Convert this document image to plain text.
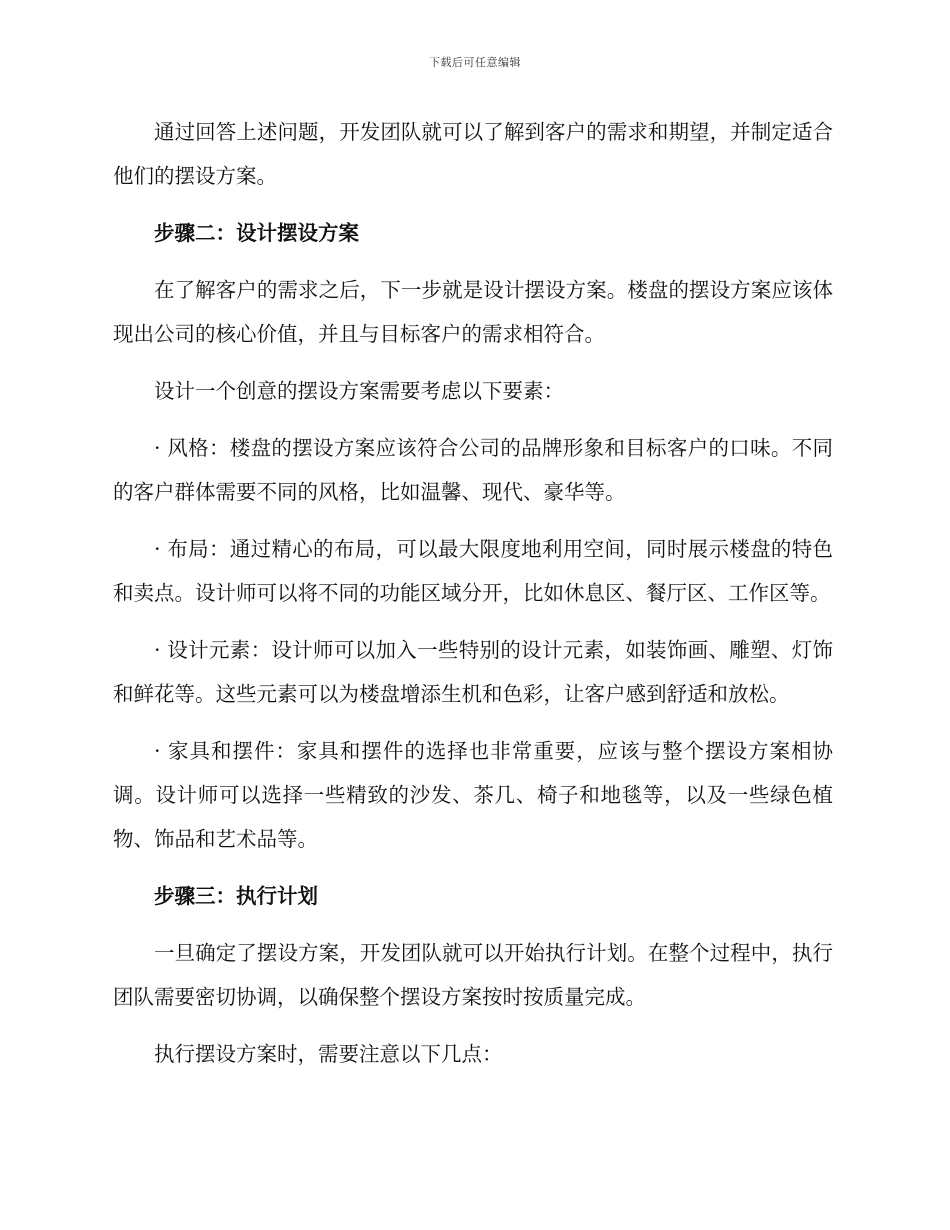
下载后可任意编辑

通过回答上述问题，开发团队就可以了解到客户的需求和期望，并制定适合他们的摆设方案。

步骤二：设计摆设方案

在了解客户的需求之后，下一步就是设计摆设方案。楼盘的摆设方案应该体现出公司的核心价值，并且与目标客户的需求相符合。

设计一个创意的摆设方案需要考虑以下要素：

· 风格：楼盘的摆设方案应该符合公司的品牌形象和目标客户的口味。不同的客户群体需要不同的风格，比如温馨、现代、豪华等。

· 布局：通过精心的布局，可以最大限度地利用空间，同时展示楼盘的特色和卖点。设计师可以将不同的功能区域分开，比如休息区、餐厅区、工作区等。

· 设计元素：设计师可以加入一些特别的设计元素，如装饰画、雕塑、灯饰和鲜花等。这些元素可以为楼盘增添生机和色彩，让客户感到舒适和放松。

· 家具和摆件：家具和摆件的选择也非常重要，应该与整个摆设方案相协调。设计师可以选择一些精致的沙发、茶几、椅子和地毯等，以及一些绿色植物、饰品和艺术品等。

步骤三：执行计划

一旦确定了摆设方案，开发团队就可以开始执行计划。在整个过程中，执行团队需要密切协调，以确保整个摆设方案按时按质量完成。

执行摆设方案时，需要注意以下几点：
